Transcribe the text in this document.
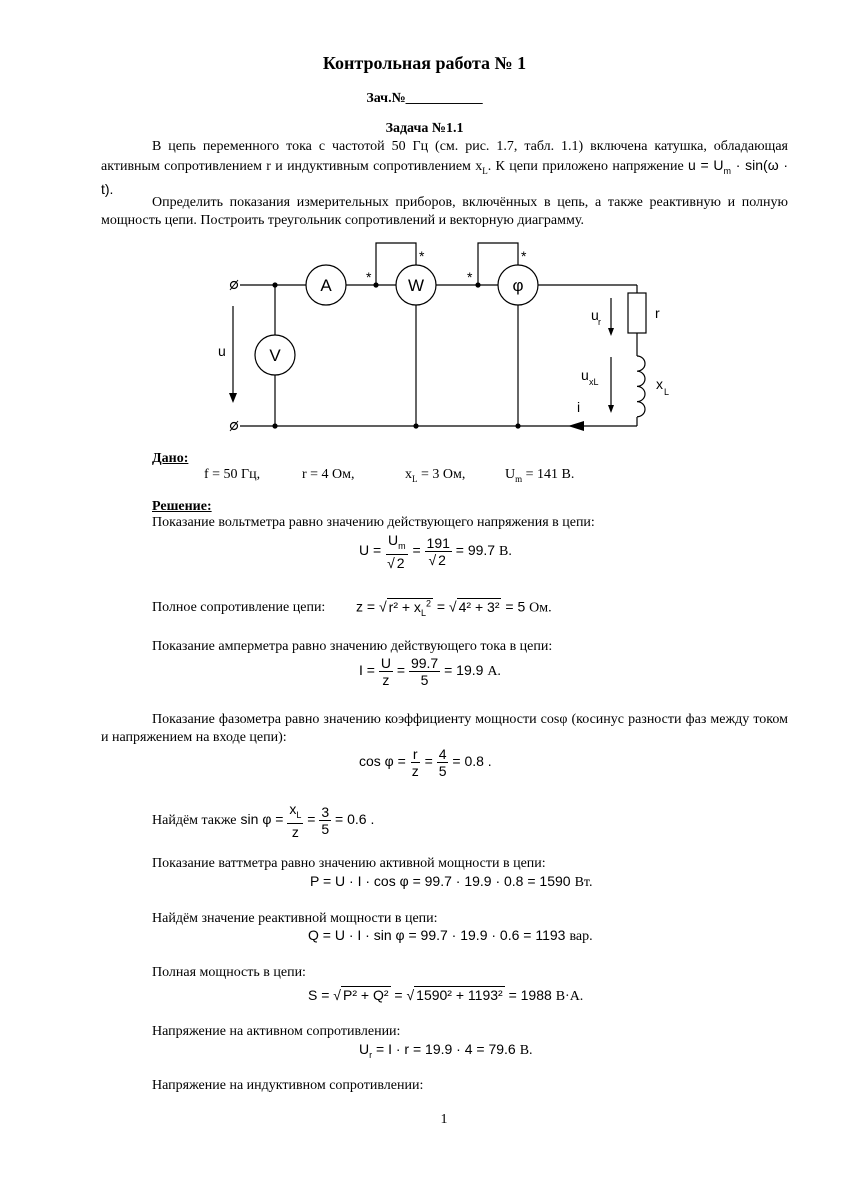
Контрольная работа № 1
Зач.№___________
Задача №1.1
В цепь переменного тока с частотой 50 Гц (см. рис. 1.7, табл. 1.1) включена катушка, обладающая активным сопротивлением r и индуктивным сопротивлением $x_L$. К цепи приложено напряжение $u = U_m \cdot \sin(\omega \cdot t)$.
Определить показания измерительных приборов, включённых в цепь, а также реактивную и полную мощность цепи. Построить треугольник сопротивлений и векторную диаграмму.
A	W	φ
V
*
*
*
*
u
u r
u xL
r
x L
i
Дано:
f = 50 Гц,	r = 4 Ом,	$x_L = 3$ Ом,	$U_m = 141$ В.
Решение:
Показание вольтметра равно значению действующего напряжения в цепи:
$U = \frac{U_m}{√ 2} = \frac{191}{√ 2} = 99.7$ В.
Полное сопротивление цепи: z = √ $r^2 + x_L^2$ = √ 4² + 3² = 5 Ом.
Показание амперметра равно значению действующего тока в цепи:
$I = \frac{U}{z} = \frac{99.7}{5} = 19.9$ А.
Показание фазометра равно значению коэффициенту мощности cosφ (косинус разности фаз между током и напряжением на входе цепи):
$\cos \varphi = \frac{r}{z} = \frac{4}{5} = 0.8$ .
Найдём также $\sin \varphi = \frac{x_L}{z} = \frac{3}{5} = 0.6$ .
Показание ваттметра равно значению активной мощности в цепи:
P = U · I · cos φ = 99.7 · 19.9 · 0.8 = 1590 Вт.
Найдём значение реактивной мощности в цепи:
Q = U · I · sin φ = 99.7 · 19.9 · 0.6 = 1193 вар.
Полная мощность в цепи:
S = √ P² + Q² = √ 1590² + 1193² = 1988 В·А.
Напряжение на активном сопротивлении:
$U_r = I \cdot r = 19.9 \cdot 4 = 79.6$ В.
Напряжение на индуктивном сопротивлении:
1
